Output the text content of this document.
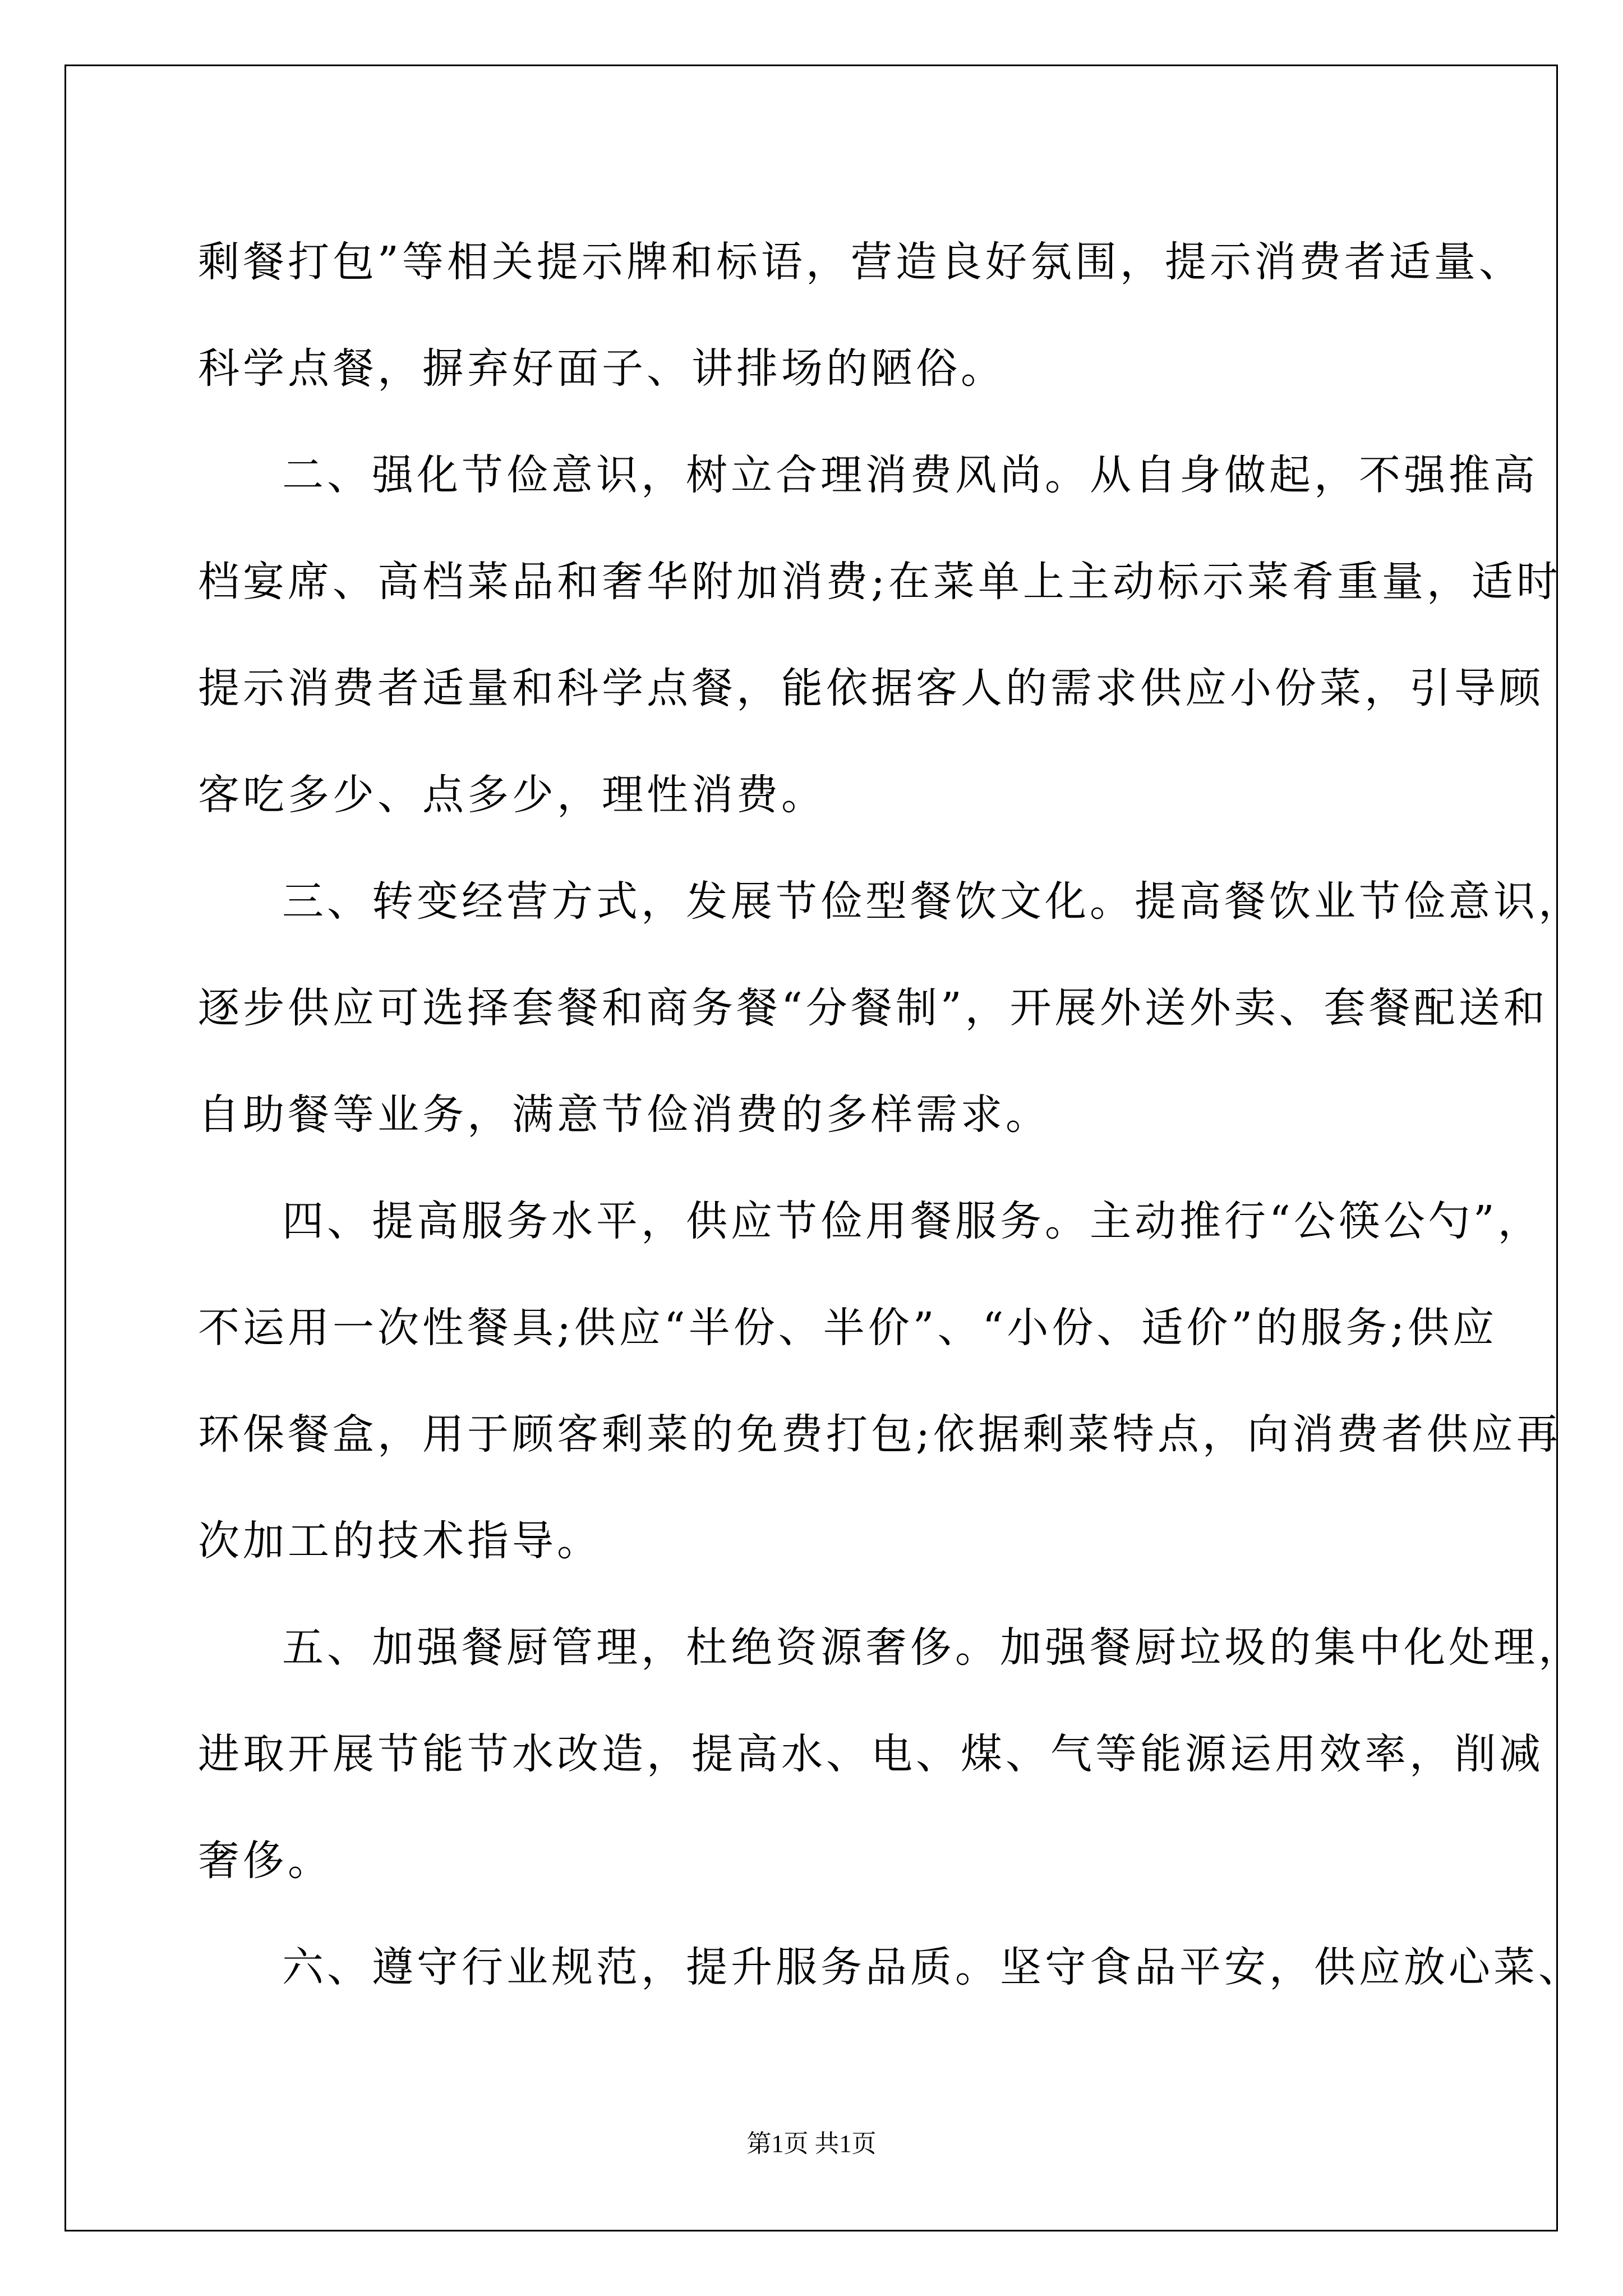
剩餐打包”等相关提示牌和标语，营造良好氛围，提示消费者适量、
科学点餐，摒弃好面子、讲排场的陋俗。
二、强化节俭意识，树立合理消费风尚。从自身做起，不强推高
档宴席、高档菜品和奢华附加消费;在菜单上主动标示菜肴重量，适时
提示消费者适量和科学点餐，能依据客人的需求供应小份菜，引导顾
客吃多少、点多少，理性消费。
三、转变经营方式，发展节俭型餐饮文化。提高餐饮业节俭意识，
逐步供应可选择套餐和商务餐“分餐制”，开展外送外卖、套餐配送和
自助餐等业务，满意节俭消费的多样需求。
四、提高服务水平，供应节俭用餐服务。主动推行“公筷公勺”，
不运用一次性餐具;供应“半份、半价”、“小份、适价”的服务;供应
环保餐盒，用于顾客剩菜的免费打包;依据剩菜特点，向消费者供应再
次加工的技术指导。
五、加强餐厨管理，杜绝资源奢侈。加强餐厨垃圾的集中化处理，
进取开展节能节水改造，提高水、电、煤、气等能源运用效率，削减
奢侈。
六、遵守行业规范，提升服务品质。坚守食品平安，供应放心菜、
第1页 共1页
